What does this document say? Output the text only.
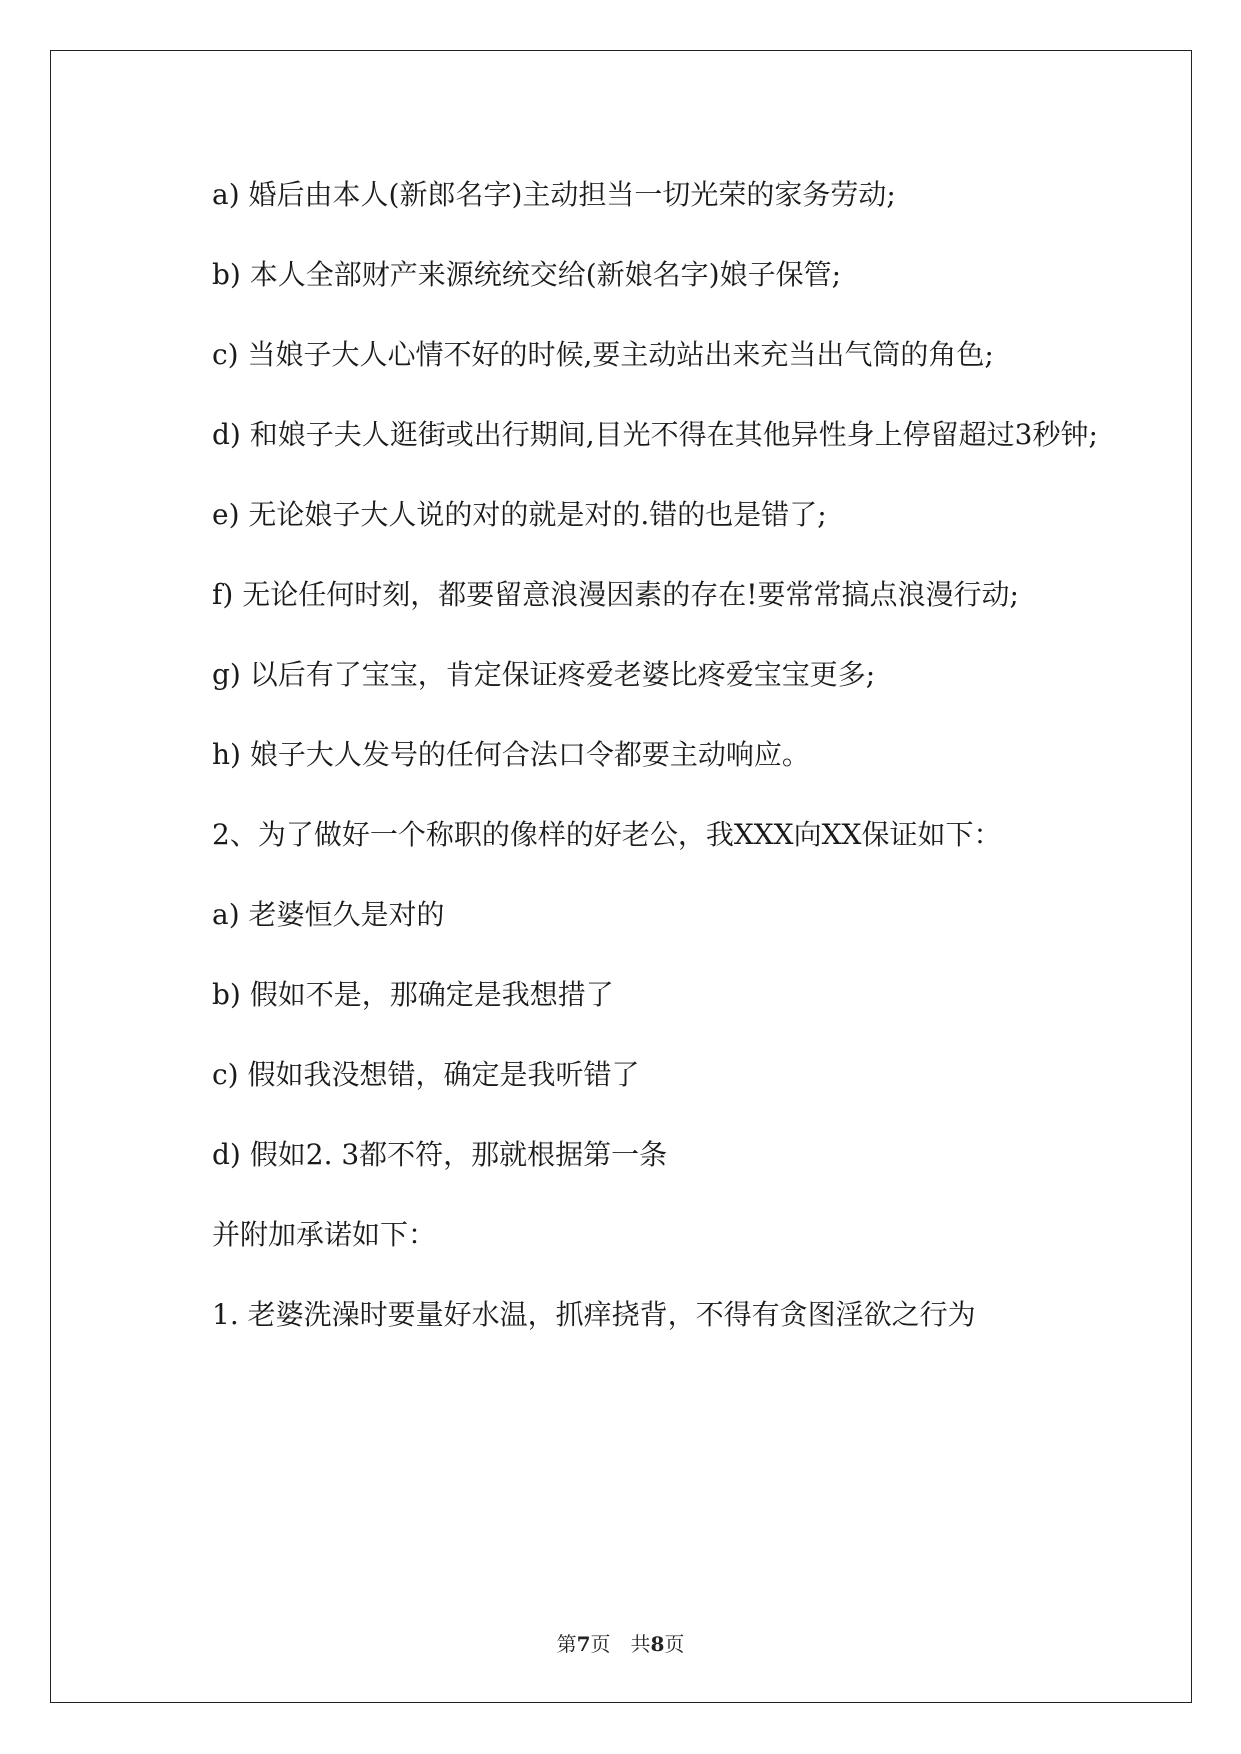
a) 婚后由本人(新郎名字)主动担当一切光荣的家务劳动;

b) 本人全部财产来源统统交给(新娘名字)娘子保管;

c) 当娘子大人心情不好的时候,要主动站出来充当出气筒的角色;

d) 和娘子夫人逛街或出行期间,目光不得在其他异性身上停留超过3秒钟;

e) 无论娘子大人说的对的就是对的.错的也是错了;

f) 无论任何时刻，都要留意浪漫因素的存在!要常常搞点浪漫行动;

g) 以后有了宝宝，肯定保证疼爱老婆比疼爱宝宝更多;

h) 娘子大人发号的任何合法口令都要主动响应。

2、为了做好一个称职的像样的好老公，我XXX向XX保证如下：

a) 老婆恒久是对的

b) 假如不是，那确定是我想措了

c) 假如我没想错，确定是我听错了

d) 假如2. 3都不符，那就根据第一条

并附加承诺如下：

1. 老婆洗澡时要量好水温，抓痒挠背，不得有贪图淫欲之行为

第7页 共8页
